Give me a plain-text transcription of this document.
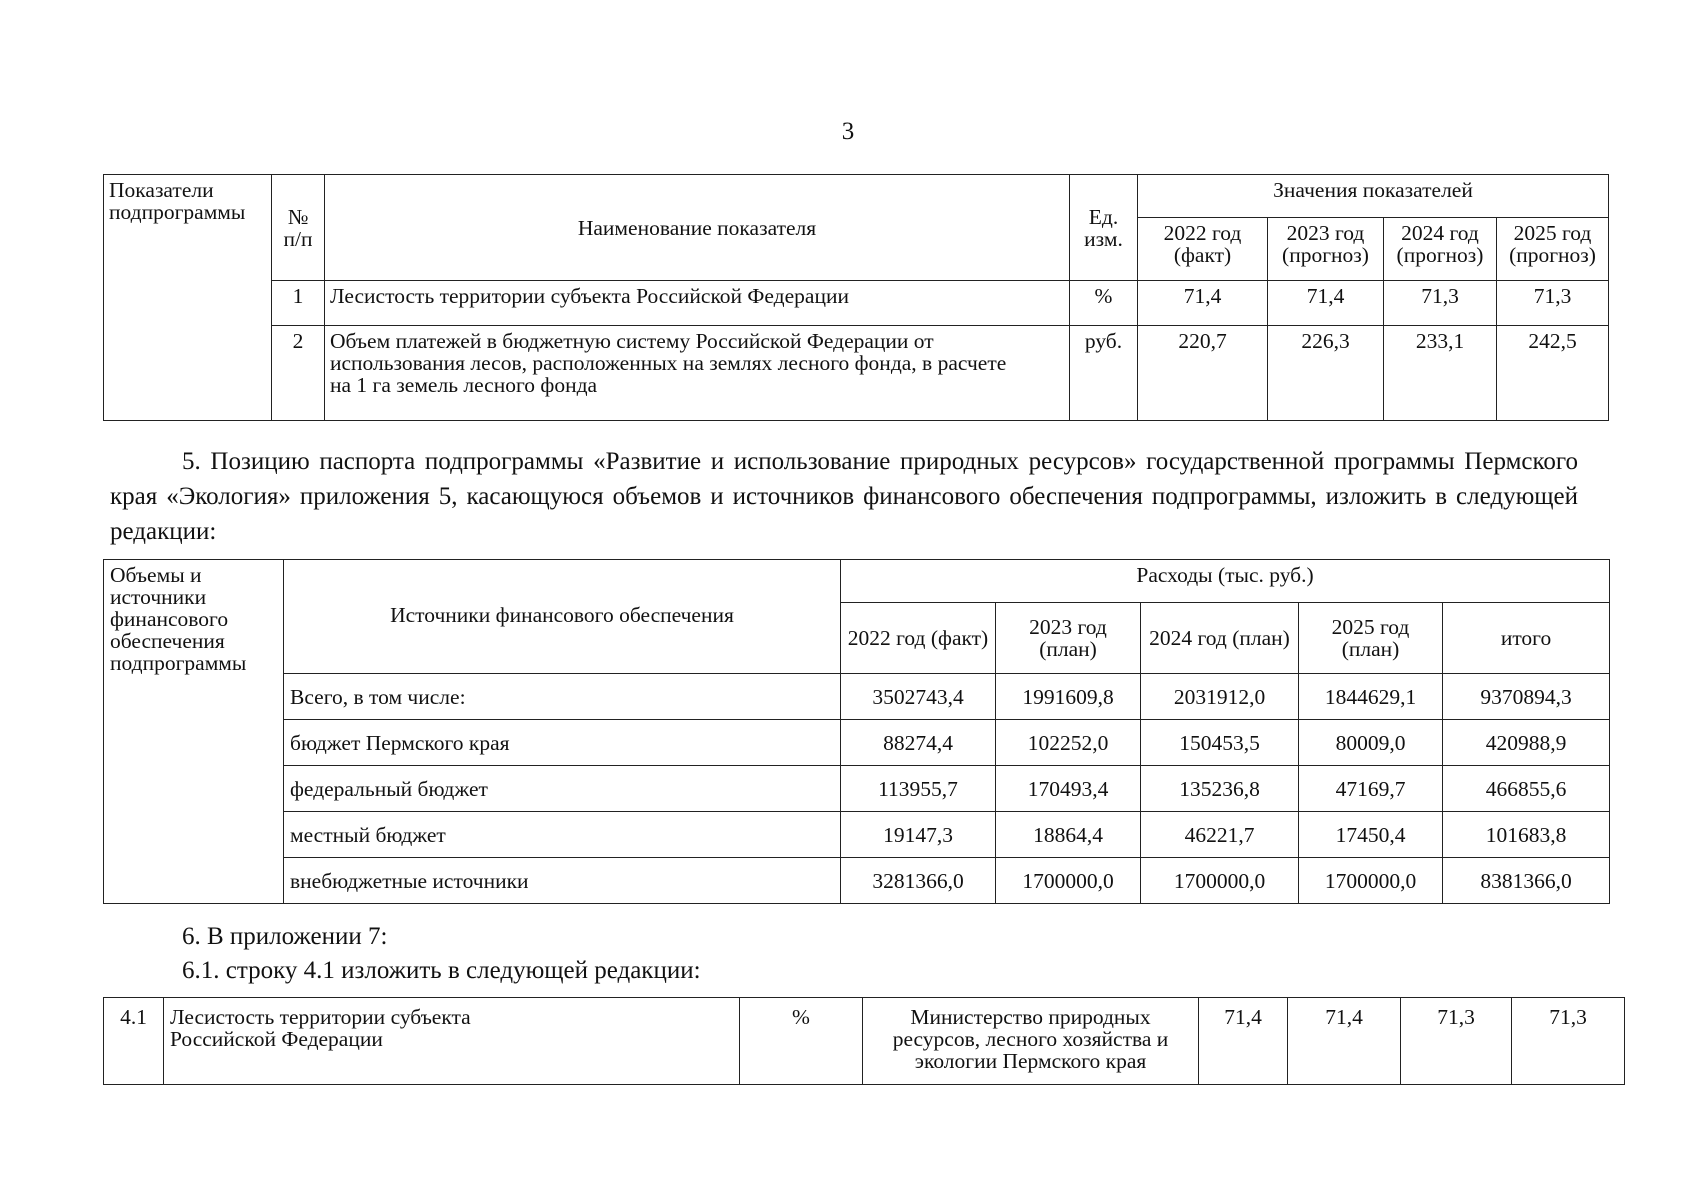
3
Показатели подпрограммы	№ п/п	Наименование показателя	Ед. изм.	Значения показателей			
				2022 год (факт)	2023 год (прогноз)	2024 год (прогноз)	2025 год (прогноз)
	1	Лесистость территории субъекта Российской Федерации	%	71,4	71,4	71,3	71,3
	2	Объем платежей в бюджетную систему Российской Федерации от использования лесов, расположенных на землях лесного фонда, в расчете на 1 га земель лесного фонда	руб.	220,7	226,3	233,1	242,5
5. Позицию паспорта подпрограммы «Развитие и использование природных ресурсов» государственной программы Пермского края «Экология» приложения 5, касающуюся объемов и источников финансового обеспечения подпрограммы, изложить в следующей редакции:
Объемы и источники финансового обеспечения подпрограммы	Источники финансового обеспечения	Расходы (тыс. руб.)				
		2022 год (факт)	2023 год (план)	2024 год (план)	2025 год (план)	итого
	Всего, в том числе:	3502743,4	1991609,8	2031912,0	1844629,1	9370894,3
	бюджет Пермского края	88274,4	102252,0	150453,5	80009,0	420988,9
	федеральный бюджет	113955,7	170493,4	135236,8	47169,7	466855,6
	местный бюджет	19147,3	18864,4	46221,7	17450,4	101683,8
	внебюджетные источники	3281366,0	1700000,0	1700000,0	1700000,0	8381366,0
6. В приложении 7:
6.1. строку 4.1 изложить в следующей редакции:
4.1	Лесистость территории субъекта Российской Федерации	%	Министерство природных ресурсов, лесного хозяйства и экологии Пермского края	71,4	71,4	71,3	71,3
